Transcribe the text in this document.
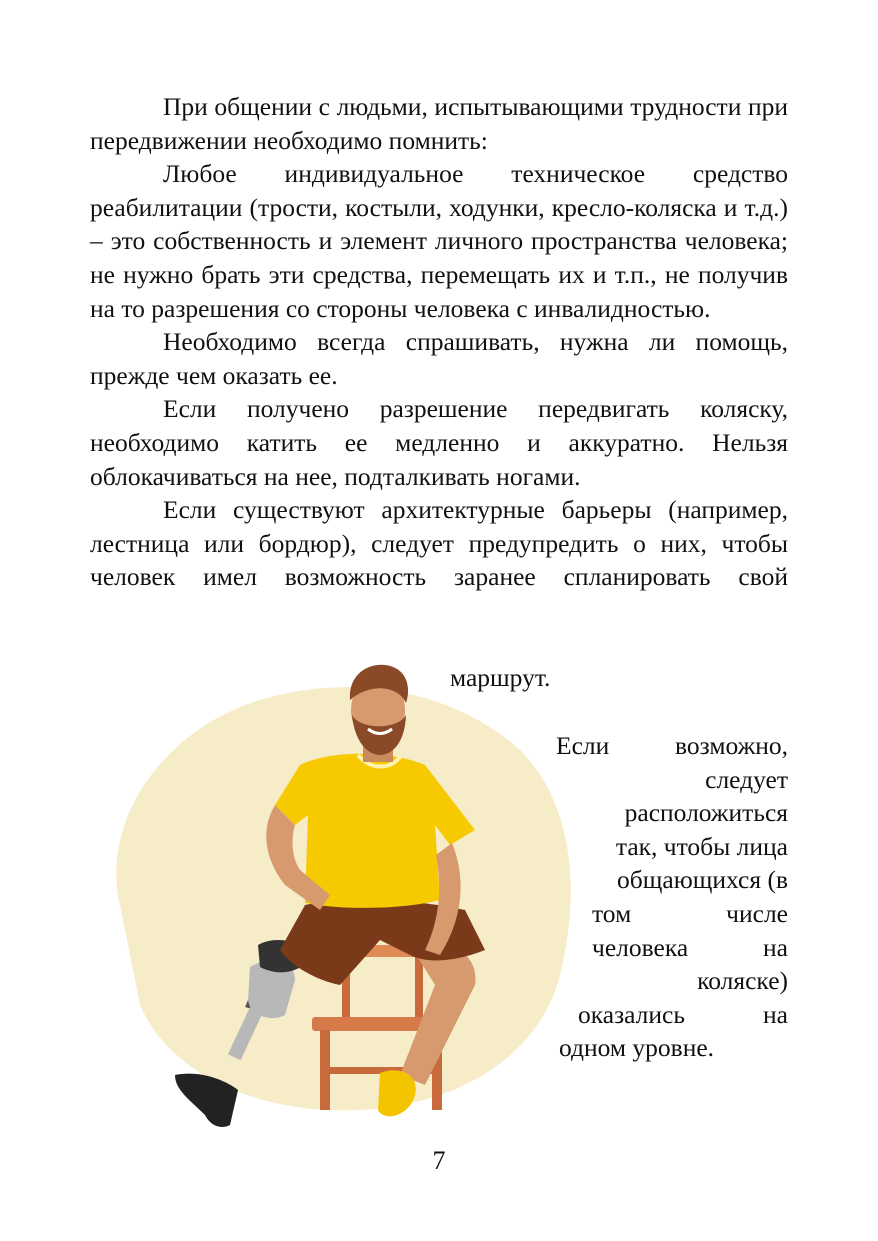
При общении с людьми, испытывающими трудности при передвижении необходимо помнить:

Любое индивидуальное техническое средство реабилитации (трости, костыли, ходунки, кресло-коляска и т.д.) – это собственность и элемент личного пространства человека; не нужно брать эти средства, перемещать их и т.п., не получив на то разрешения со стороны человека с инвалидностью.

Необходимо всегда спрашивать, нужна ли помощь, прежде чем оказать ее.

Если получено разрешение передвигать коляску, необходимо катить ее медленно и аккуратно. Нельзя облокачиваться на нее, подталкивать ногами.

Если существуют архитектурные барьеры (например, лестница или бордюр), следует предупредить о них, чтобы человек имел возможность заранее спланировать свой

маршрут.
Если	возможно,
следует
расположиться
так, чтобы лица
общающихся (в
том	числе
человека	на
коляске)
оказались	на
одном уровне.
7
